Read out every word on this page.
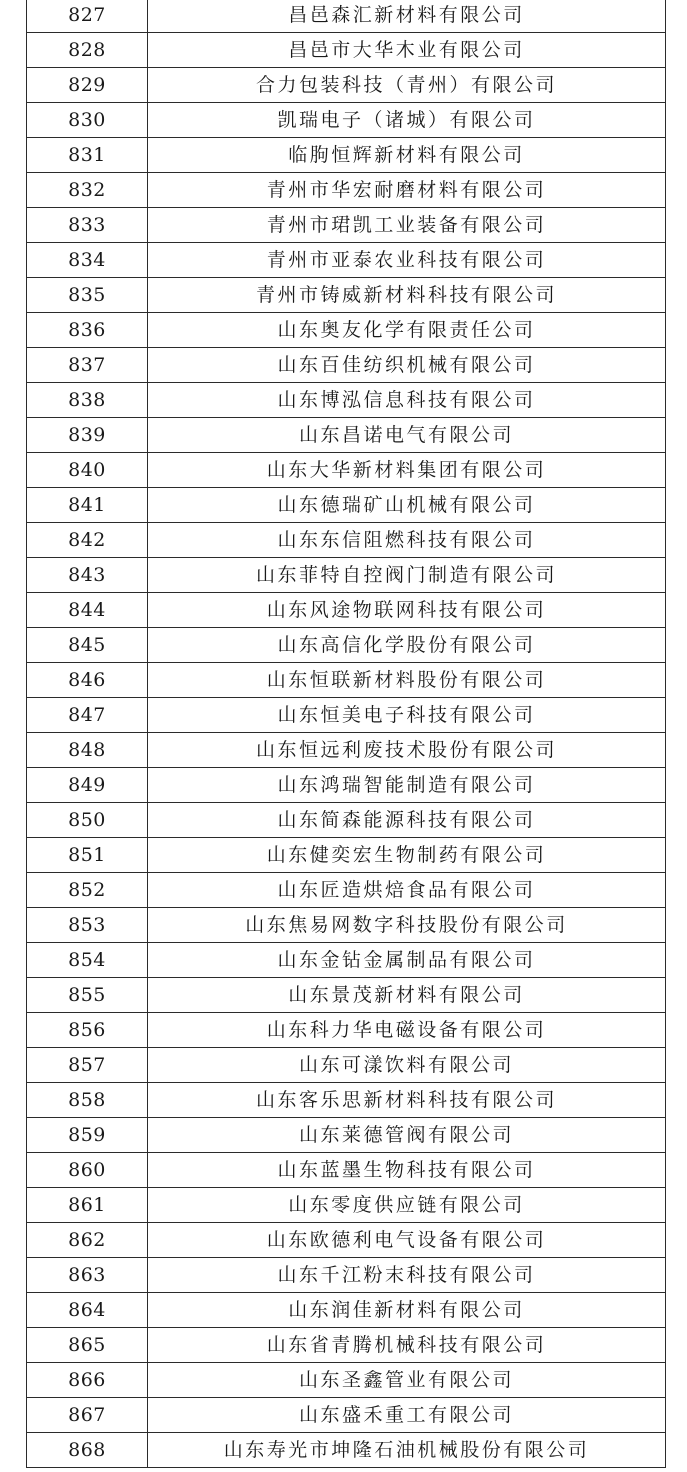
827	昌邑森汇新材料有限公司
828	昌邑市大华木业有限公司
829	合力包装科技（青州）有限公司
830	凯瑞电子（诸城）有限公司
831	临朐恒辉新材料有限公司
832	青州市华宏耐磨材料有限公司
833	青州市珺凯工业装备有限公司
834	青州市亚泰农业科技有限公司
835	青州市铸威新材料科技有限公司
836	山东奥友化学有限责任公司
837	山东百佳纺织机械有限公司
838	山东博泓信息科技有限公司
839	山东昌诺电气有限公司
840	山东大华新材料集团有限公司
841	山东德瑞矿山机械有限公司
842	山东东信阻燃科技有限公司
843	山东菲特自控阀门制造有限公司
844	山东风途物联网科技有限公司
845	山东高信化学股份有限公司
846	山东恒联新材料股份有限公司
847	山东恒美电子科技有限公司
848	山东恒远利废技术股份有限公司
849	山东鸿瑞智能制造有限公司
850	山东简森能源科技有限公司
851	山东健奕宏生物制药有限公司
852	山东匠造烘焙食品有限公司
853	山东焦易网数字科技股份有限公司
854	山东金钻金属制品有限公司
855	山东景茂新材料有限公司
856	山东科力华电磁设备有限公司
857	山东可漾饮料有限公司
858	山东客乐思新材料科技有限公司
859	山东莱德管阀有限公司
860	山东蓝墨生物科技有限公司
861	山东零度供应链有限公司
862	山东欧德利电气设备有限公司
863	山东千江粉末科技有限公司
864	山东润佳新材料有限公司
865	山东省青腾机械科技有限公司
866	山东圣鑫管业有限公司
867	山东盛禾重工有限公司
868	山东寿光市坤隆石油机械股份有限公司
